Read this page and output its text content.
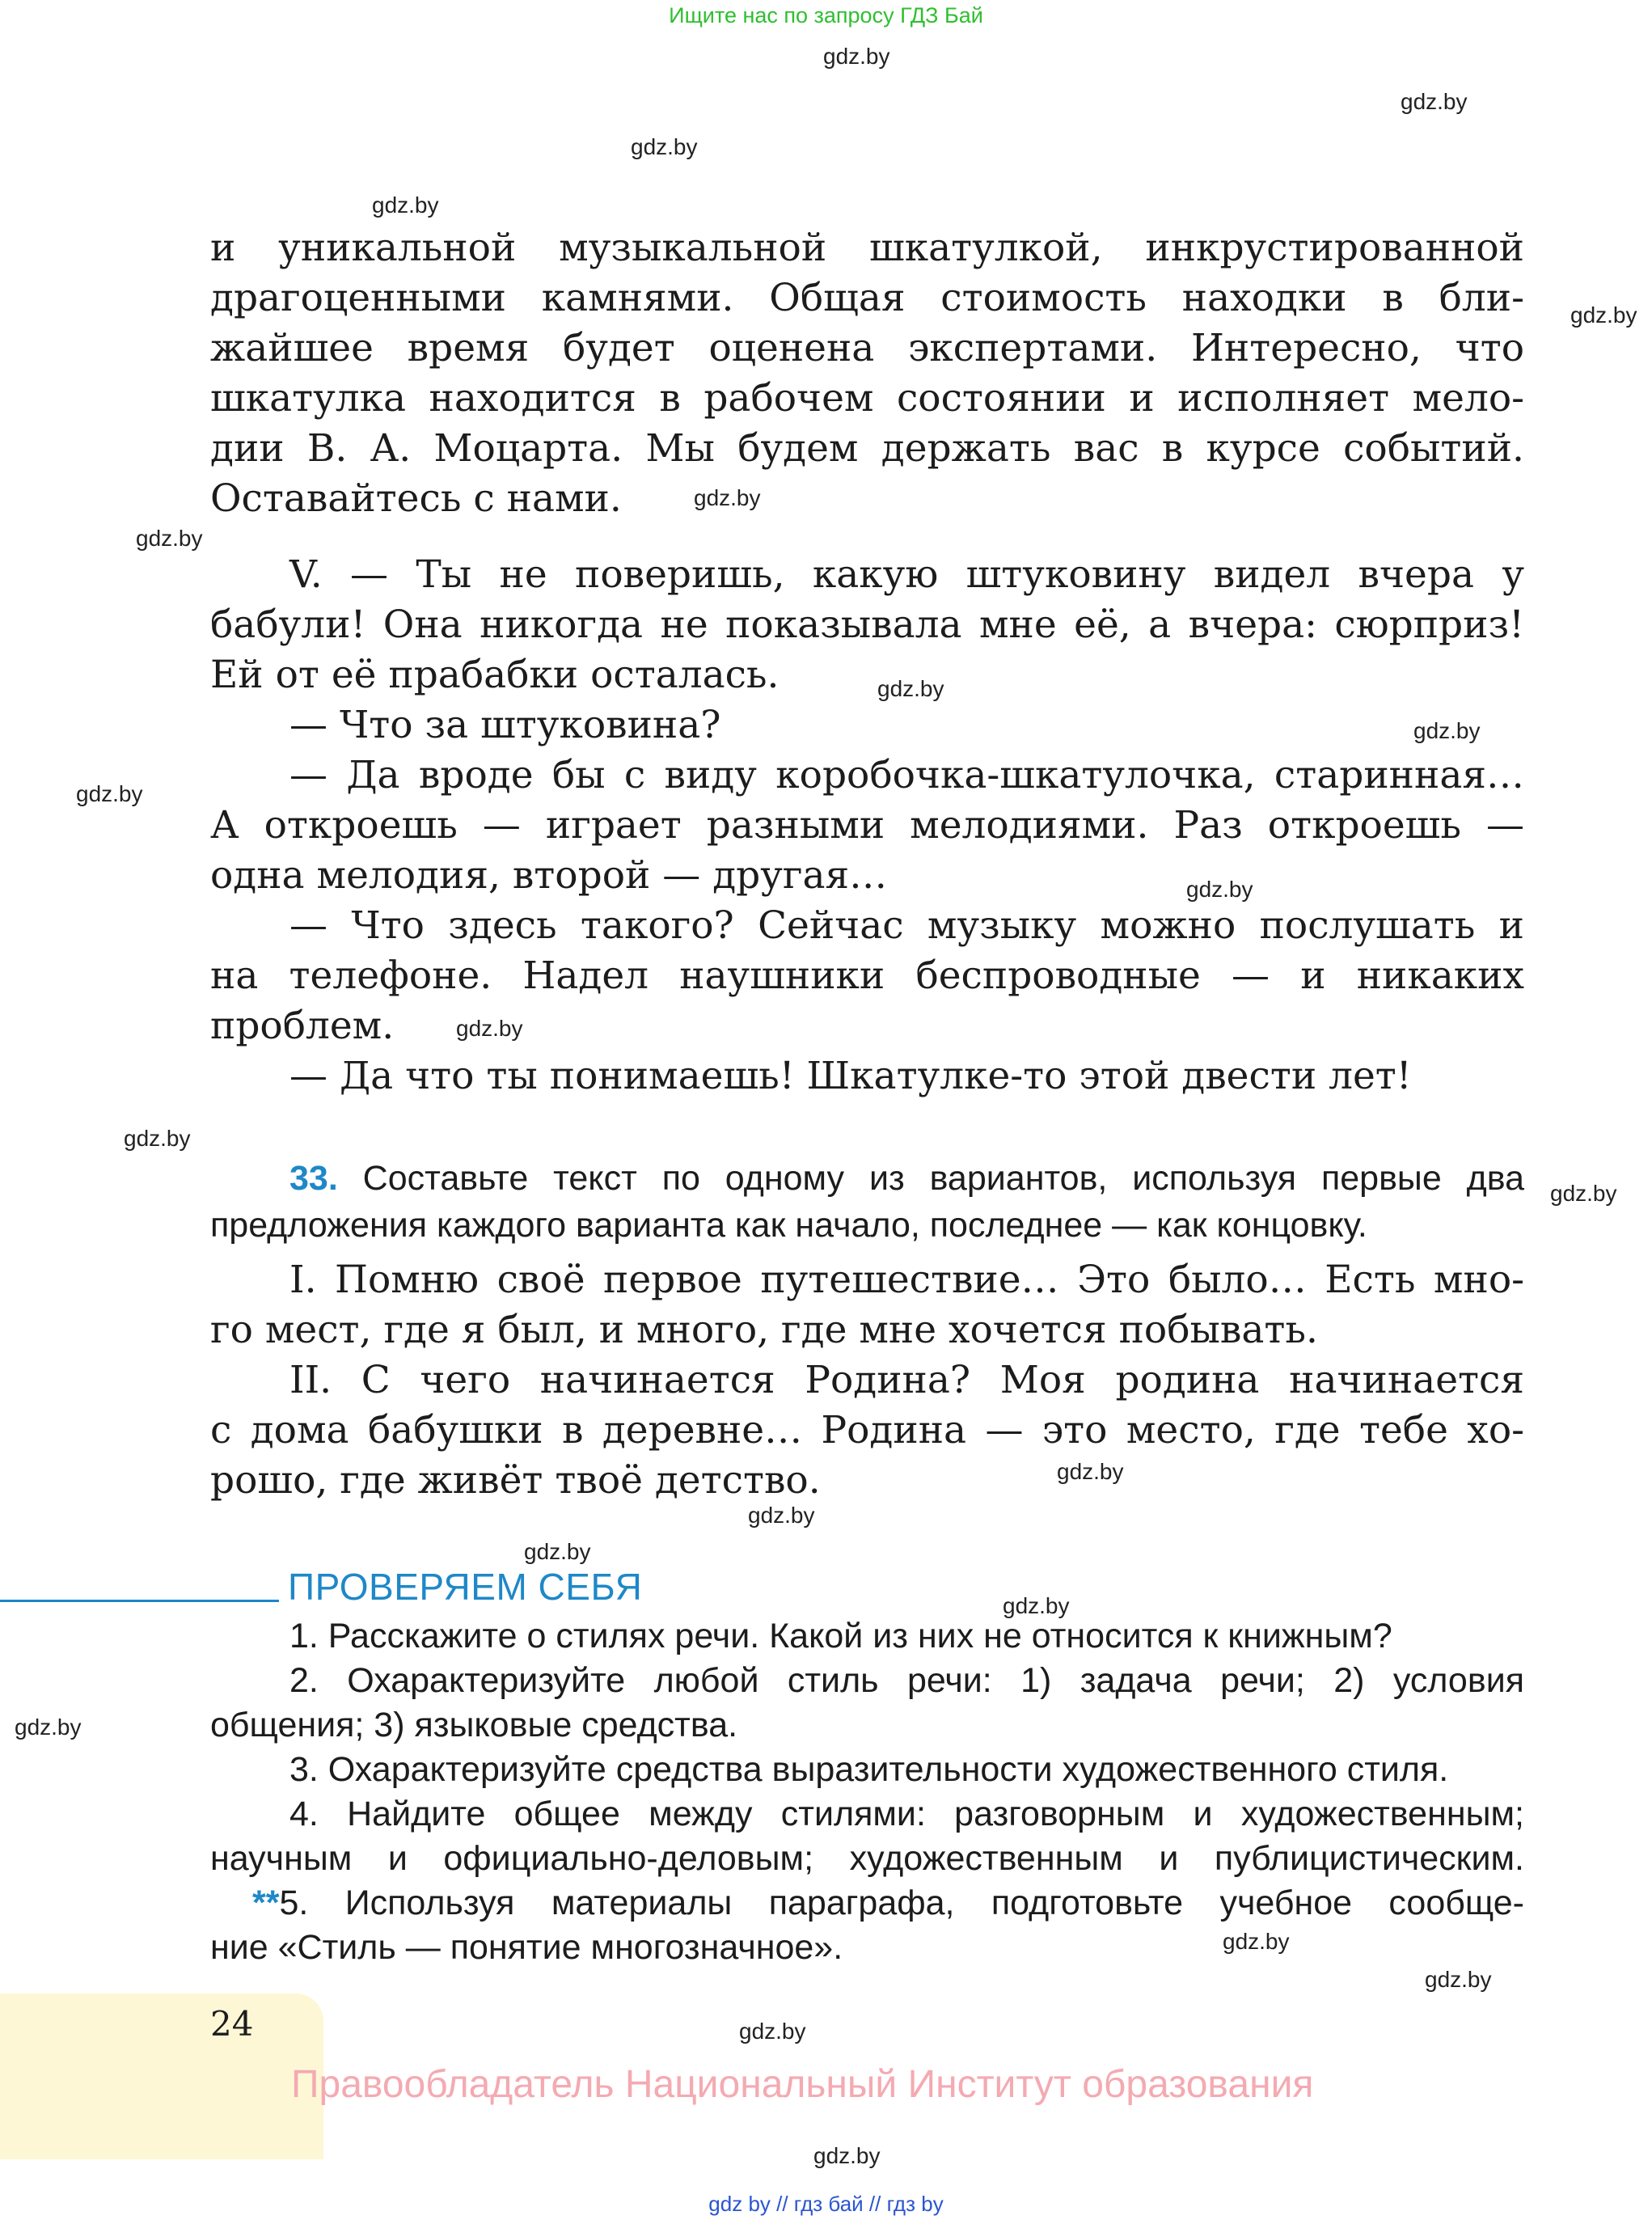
Ищите нас по запросу ГДЗ Бай
gdz.by
gdz.by
gdz.by
gdz.by
gdz.by
gdz.by
gdz.by
gdz.by
gdz.by
gdz.by
gdz.by
gdz.by
gdz.by
gdz.by
gdz.by
gdz.by
gdz.by
gdz.by
gdz.by
gdz.by
gdz.by
gdz.by
gdz.by

и уникальной музыкальной шкатулкой, инкрустированной

драгоценными камнями. Общая стоимость находки в бли-

жайшее время будет оценена экспертами. Интересно, что

шкатулка находится в рабочем состоянии и исполняет мело-

дии В. А. Моцарта. Мы будем держать вас в курсе событий.

Оставайтесь с нами.

V. — Ты не поверишь, какую штуковину видел вчера у

бабули! Она никогда не показывала мне её, а вчера: сюрприз!

Ей от её прабабки осталась.

— Что за штуковина?

— Да вроде бы с виду коробочка-шкатулочка, старинная…

А откроешь — играет разными мелодиями. Раз откроешь —

одна мелодия, второй — другая…

— Что здесь такого? Сейчас музыку можно послушать и

на телефоне. Надел наушники беспроводные — и никаких

проблем.

— Да что ты понимаешь! Шкатулке-то этой двести лет!

33. Составьте текст по одному из вариантов, используя первые два

предложения каждого варианта как начало, последнее — как концовку.

I. Помню своё первое путешествие… Это было… Есть мно-

го мест, где я был, и много, где мне хочется побывать.

II. С чего начинается Родина? Моя родина начинается

с дома бабушки в деревне… Родина — это место, где тебе хо-

рошо, где живёт твоё детство.

ПРОВЕРЯЕМ СЕБЯ

1. Расскажите о стилях речи. Какой из них не относится к книжным?

2. Охарактеризуйте любой стиль речи: 1) задача речи; 2) условия

общения; 3) языковые средства.

3. Охарактеризуйте средства выразительности художественного стиля.

4. Найдите общее между стилями: разговорным и художественным;

научным и официально-деловым; художественным и публицистическим.

**5. Используя материалы параграфа, подготовьте учебное сообще-

ние «Стиль — понятие многозначное».

24
Правообладатель Национальный Институт образования
gdz by // гдз бай // гдз by
